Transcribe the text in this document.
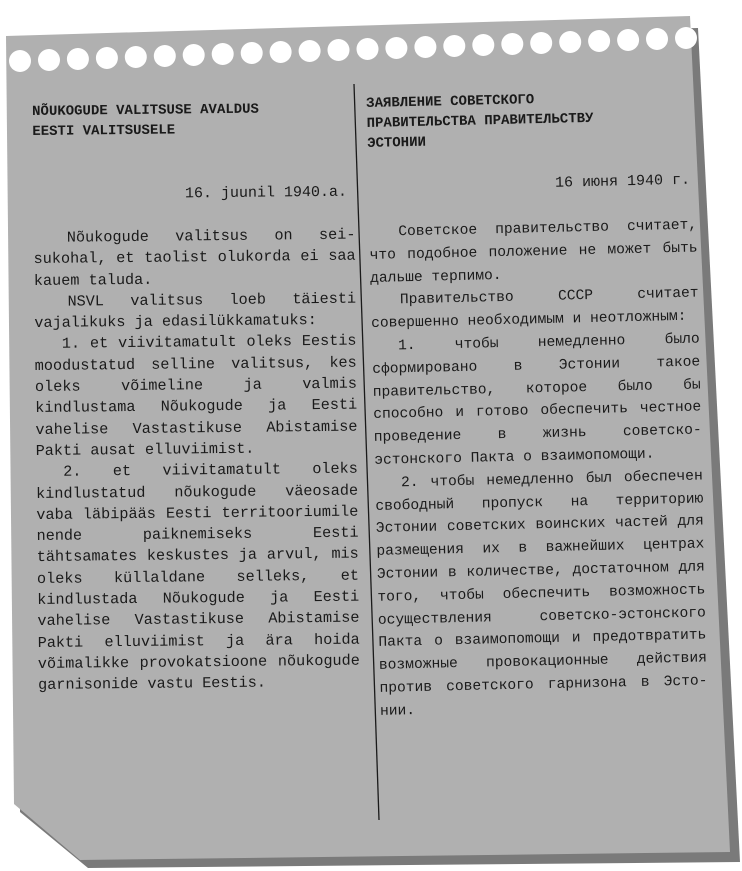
NÕUKOGUDE VALITSUSE AVALDUS
EESTI VALITSUSELE

16. juunil 1940.a.

Nõukogude valitsus on seisukohal, et taolist olukorda ei saa kauem taluda.

NSVL valitsus loeb täiesti vajalikuks ja edasilükkamatuks:

1. et viivitamatult oleks Eestis moodustatud selline valitsus, kes oleks võimeline ja valmis kindlustama Nõukogude ja Eesti vahelise Vastastikuse Abistamise Pakti ausat elluviimist.

2. et viivitamatult oleks kindlustatud nõukogude väeosade vaba läbipääs Eesti territooriumile nende paiknemiseks Eesti tähtsamates keskustes ja arvul, mis oleks küllaldane selleks, et kindlustada Nõukogude ja Eesti vahelise Vastastikuse Abistamise Pakti elluviimist ja ära hoida võimalikke provokatsioone nõukogude garnisonide vastu Eestis.

ЗАЯВЛЕНИЕ СОВЕТСКОГО
ПРАВИТЕЛЬСТВА ПРАВИТЕЛЬСТВУ
ЭСТОНИИ

16 июня 1940 г.

Советское правительство считает, что подобное положение не может быть дальше терпимо.

Правительство СССР считает совершенно необходимым и неотложным:

1. чтобы немедленно было сформировано в Эстонии такое правительство, которое было бы способно и готово обеспечить честное проведение в жизнь советско-эстонского Пакта о взаимопомощи.

2. чтобы немедленно был обеспечен свободный пропуск на территорию Эстонии советских воинских частей для размещения их в важнейших центрах Эстонии в количестве, достаточном для того, чтобы обеспечить возможность осуществления советско-эстонского Пакта о взаимопоmощи и предотвратить возможные провокационные действия против советского гарнизона в Эстонии.
